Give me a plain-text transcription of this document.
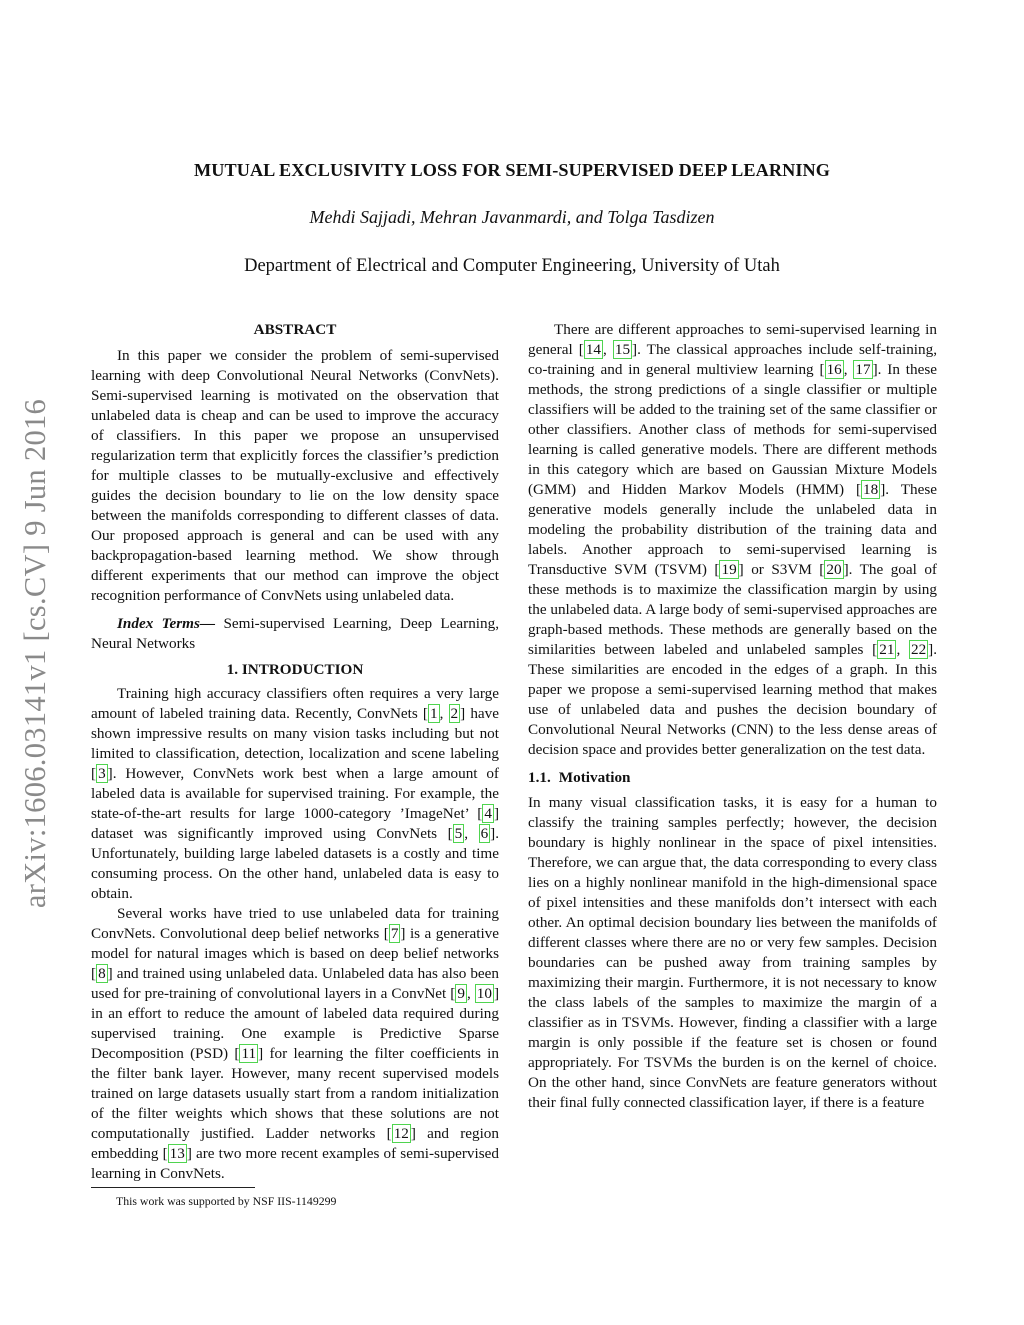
arXiv:1606.03141v1 [cs.CV] 9 Jun 2016
MUTUAL EXCLUSIVITY LOSS FOR SEMI-SUPERVISED DEEP LEARNING
Mehdi Sajjadi, Mehran Javanmardi, and Tolga Tasdizen
Department of Electrical and Computer Engineering, University of Utah
ABSTRACT

In this paper we consider the problem of semi-supervised learning with deep Convolutional Neural Networks (ConvNets). Semi-supervised learning is motivated on the observation that unlabeled data is cheap and can be used to improve the accuracy of classifiers. In this paper we propose an unsupervised regularization term that explicitly forces the classifier’s prediction for multiple classes to be mutually-exclusive and effectively guides the decision boundary to lie on the low density space between the manifolds corresponding to different classes of data. Our proposed approach is general and can be used with any backpropagation-based learning method. We show through different experiments that our method can improve the object recognition performance of ConvNets using unlabeled data.

Index Terms— Semi-supervised Learning, Deep Learning, Neural Networks

1. INTRODUCTION

Training high accuracy classifiers often requires a very large amount of labeled training data. Recently, ConvNets [ 1 , 2 ] have shown impressive results on many vision tasks including but not limited to classification, detection, localization and scene labeling [ 3 ]. However, ConvNets work best when a large amount of labeled data is available for supervised training. For example, the state-of-the-art results for large 1000-category ’ImageNet’ [ 4 ] dataset was significantly improved using ConvNets [ 5 , 6 ]. Unfortunately, building large labeled datasets is a costly and time consuming process. On the other hand, unlabeled data is easy to obtain.

Several works have tried to use unlabeled data for training ConvNets. Convolutional deep belief networks [ 7 ] is a generative model for natural images which is based on deep belief networks [ 8 ] and trained using unlabeled data. Unlabeled data has also been used for pre-training of convolutional layers in a ConvNet [ 9 , 10 ] in an effort to reduce the amount of labeled data required during supervised training. One example is Predictive Sparse Decomposition (PSD) [ 11 ] for learning the filter coefficients in the filter bank layer. However, many recent supervised models trained on large datasets usually start from a random initialization of the filter weights which shows that these solutions are not computationally justified. Ladder networks [ 12 ] and region embedding [ 13 ] are two more recent examples of semi-supervised learning in ConvNets.

This work was supported by NSF IIS-1149299

There are different approaches to semi-supervised learning in general [ 14 , 15 ]. The classical approaches include self-training, co-training and in general multiview learning [ 16 , 17 ]. In these methods, the strong predictions of a single classifier or multiple classifiers will be added to the training set of the same classifier or other classifiers. Another class of methods for semi-supervised learning is called generative models. There are different methods in this category which are based on Gaussian Mixture Models (GMM) and Hidden Markov Models (HMM) [ 18 ]. These generative models generally include the unlabeled data in modeling the probability distribution of the training data and labels. Another approach to semi-supervised learning is Transductive SVM (TSVM) [ 19 ] or S3VM [ 20 ]. The goal of these methods is to maximize the classification margin by using the unlabeled data. A large body of semi-supervised approaches are graph-based methods. These methods are generally based on the similarities between labeled and unlabeled samples [ 21 , 22 ]. These similarities are encoded in the edges of a graph. In this paper we propose a semi-supervised learning method that makes use of unlabeled data and pushes the decision boundary of Convolutional Neural Networks (CNN) to the less dense areas of decision space and provides better generalization on the test data.

1.1. Motivation

In many visual classification tasks, it is easy for a human to classify the training samples perfectly; however, the decision boundary is highly nonlinear in the space of pixel intensities. Therefore, we can argue that, the data corresponding to every class lies on a highly nonlinear manifold in the high-dimensional space of pixel intensities and these manifolds don’t intersect with each other. An optimal decision boundary lies between the manifolds of different classes where there are no or very few samples. Decision boundaries can be pushed away from training samples by maximizing their margin. Furthermore, it is not necessary to know the class labels of the samples to maximize the margin of a classifier as in TSVMs. However, finding a classifier with a large margin is only possible if the feature set is chosen or found appropriately. For TSVMs the burden is on the kernel of choice. On the other hand, since ConvNets are feature generators without their final fully connected classification layer, if there is a feature
